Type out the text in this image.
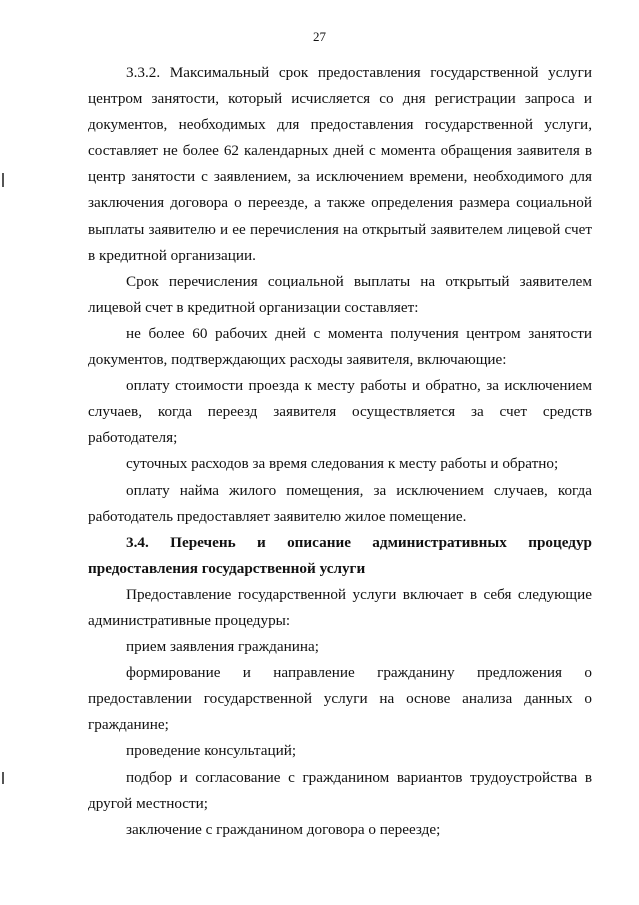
27

3.3.2. Максимальный срок предоставления государственной услуги центром занятости, который исчисляется со дня регистрации запроса и документов, необходимых для предоставления государственной услуги, составляет не более 62 календарных дней с момента обращения заявителя в центр занятости с заявлением, за исключением времени, необходимого для заключения договора о переезде, а также определения размера социальной выплаты заявителю и ее перечисления на открытый заявителем лицевой счет в кредитной организации.

Срок перечисления социальной выплаты на открытый заявителем лицевой счет в кредитной организации составляет:

не более 60 рабочих дней с момента получения центром занятости документов, подтверждающих расходы заявителя, включающие:

оплату стоимости проезда к месту работы и обратно, за исключением случаев, когда переезд заявителя осуществляется за счет средств работодателя;

суточных расходов за время следования к месту работы и обратно;

оплату найма жилого помещения, за исключением случаев, когда работодатель предоставляет заявителю жилое помещение.

3.4. Перечень и описание административных процедур предоставления государственной услуги

Предоставление государственной услуги включает в себя следующие административные процедуры:

прием заявления гражданина;

формирование и направление гражданину предложения о предоставлении государственной услуги на основе анализа данных о гражданине;

проведение консультаций;

подбор и согласование с гражданином вариантов трудоустройства в другой местности;

заключение с гражданином договора о переезде;
